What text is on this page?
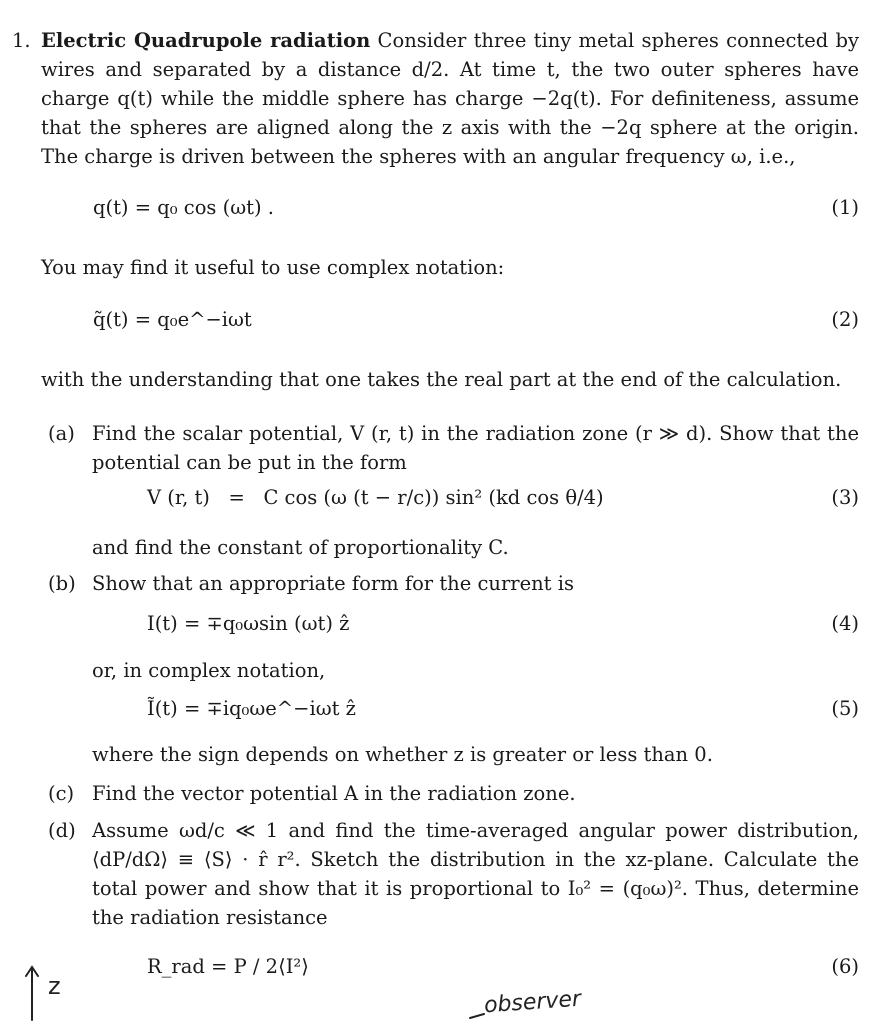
1. Electric Quadrupole radiation Consider three tiny metal spheres connected by wires and separated by a distance d/2. At time t, the two outer spheres have charge q(t) while the middle sphere has charge −2q(t). For definiteness, assume that the spheres are aligned along the z axis with the −2q sphere at the origin. The charge is driven between the spheres with an angular frequency ω, i.e.,
q(t) = q₀ cos (ωt) .	(1)
You may find it useful to use complex notation:
q̃(t) = q₀e^−iωt	(2)
with the understanding that one takes the real part at the end of the calculation.
(a) Find the scalar potential, V (r, t) in the radiation zone (r ≫ d). Show that the potential can be put in the form
V (r, t)   =   C cos (ω (t − r/c)) sin² (kd cos θ/4)	(3)
and find the constant of proportionality C.
(b) Show that an appropriate form for the current is
I(t) = ∓q₀ωsin (ωt) ẑ	(4)
or, in complex notation,
Ĩ(t) = ∓iq₀ωe^−iωt ẑ	(5)
where the sign depends on whether z is greater or less than 0.
(c) Find the vector potential A in the radiation zone.
(d) Assume ωd/c ≪ 1 and find the time-averaged angular power distribution, ⟨dP/dΩ⟩ ≡ ⟨S⟩ · r̂ r². Sketch the distribution in the xz-plane. Calculate the total power and show that it is proportional to I₀² = (q₀ω)². Thus, determine the radiation resistance
R_rad = P / 2⟨I²⟩	(6)
z
observer
